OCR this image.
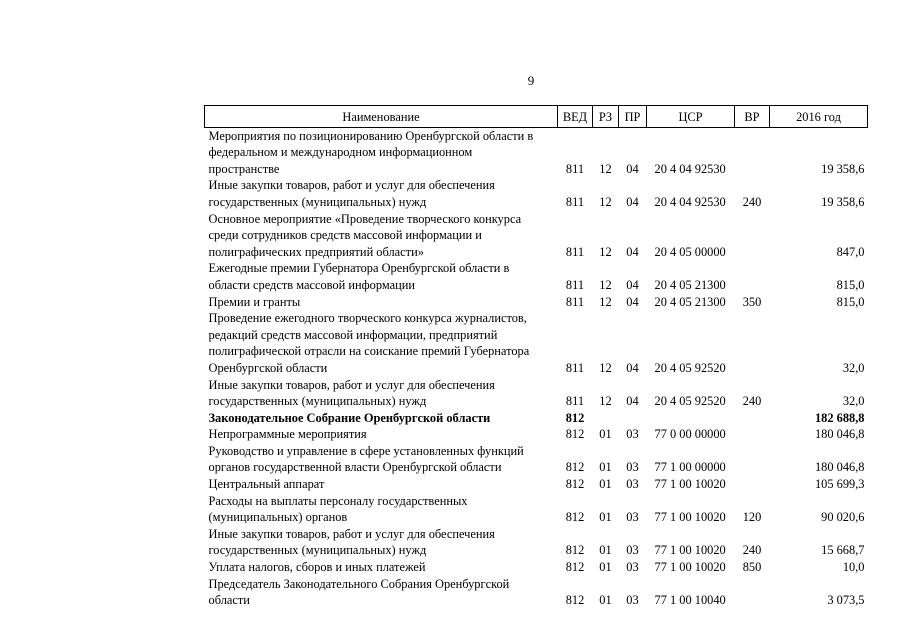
9
Наименование	ВЕД	РЗ	ПР	ЦСР	ВР	2016 год

Мероприятия по позиционированию Оренбургской области в
федеральном и международном информационном
пространстве	811	12	04	20 4 04 92530		19 358,6

Иные закупки товаров, работ и услуг для обеспечения
государственных (муниципальных) нужд	811	12	04	20 4 04 92530	240	19 358,6

Основное мероприятие «Проведение творческого конкурса
среди сотрудников средств массовой информации и
полиграфических предприятий области»	811	12	04	20 4 05 00000		847,0

Ежегодные премии Губернатора Оренбургской области в
области средств массовой информации	811	12	04	20 4 05 21300		815,0

Премии и гранты	811	12	04	20 4 05 21300	350	815,0

Проведение ежегодного творческого конкурса журналистов,
редакций средств массовой информации, предприятий
полиграфической отрасли на соискание премий Губернатора
Оренбургской области	811	12	04	20 4 05 92520		32,0

Иные закупки товаров, работ и услуг для обеспечения
государственных (муниципальных) нужд	811	12	04	20 4 05 92520	240	32,0

Законодательное Собрание Оренбургской области	812					182 688,8

Непрограммные мероприятия	812	01	03	77 0 00 00000		180 046,8

Руководство и управление в сфере установленных функций
органов государственной власти Оренбургской области	812	01	03	77 1 00 00000		180 046,8

Центральный аппарат	812	01	03	77 1 00 10020		105 699,3

Расходы на выплаты персоналу государственных
(муниципальных) органов	812	01	03	77 1 00 10020	120	90 020,6

Иные закупки товаров, работ и услуг для обеспечения
государственных (муниципальных) нужд	812	01	03	77 1 00 10020	240	15 668,7

Уплата налогов, сборов и иных платежей	812	01	03	77 1 00 10020	850	10,0

Председатель Законодательного Собрания Оренбургской
области	812	01	03	77 1 00 10040		3 073,5
